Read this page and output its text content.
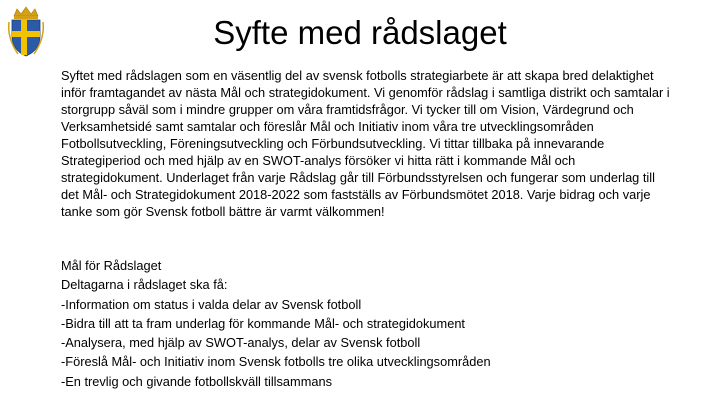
Syfte med rådslaget

Syftet med rådslagen som en väsentlig del av svensk fotbolls strategiarbete är att skapa bred delaktighet inför framtagandet av nästa Mål och strategidokument. Vi genomför rådslag i samtliga distrikt och samtalar i storgrupp såväl som i mindre grupper om våra framtidsfrågor. Vi tycker till om Vision, Värdegrund och Verksamhetsidé samt samtalar och föreslår Mål och Initiativ inom våra tre utvecklingsområden Fotbollsutveckling, Föreningsutveckling och Förbundsutveckling. Vi tittar tillbaka på innevarande Strategiperiod och med hjälp av en SWOT-analys försöker vi hitta rätt i kommande Mål och strategidokument. Underlaget från varje Rådslag går till Förbundsstyrelsen och fungerar som underlag till det Mål- och Strategidokument 2018-2022 som fastställs av Förbundsmötet 2018. Varje bidrag och varje tanke som gör Svensk fotboll bättre är varmt välkommen!

Mål för Rådslaget
Deltagarna i rådslaget ska få:
-Information om status i valda delar av Svensk fotboll
-Bidra till att ta fram underlag för kommande Mål- och strategidokument
-Analysera, med hjälp av SWOT-analys, delar av Svensk fotboll
-Föreslå Mål- och Initiativ inom Svensk fotbolls tre olika utvecklingsområden
-En trevlig och givande fotbollskväll tillsammans
